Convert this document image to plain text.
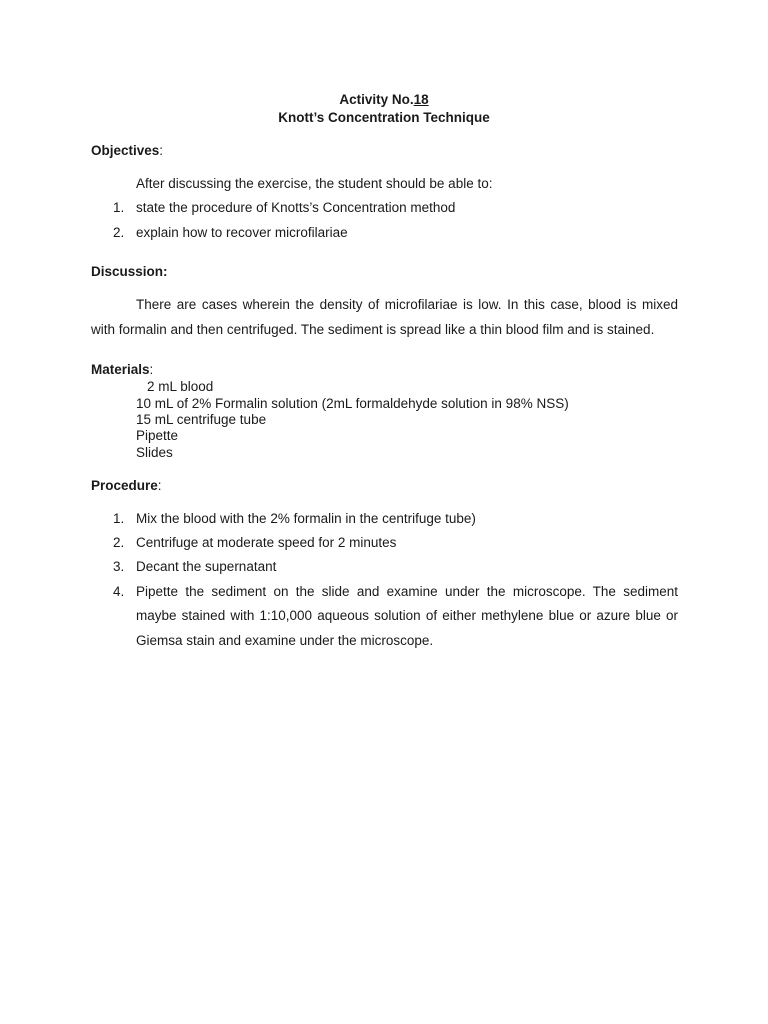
Activity No.18
Knott’s Concentration Technique
Objectives:
After discussing the exercise, the student should be able to:
1. state the procedure of Knotts’s Concentration method
2. explain how to recover microfilariae
Discussion:
There are cases wherein the density of microfilariae is low. In this case, blood is mixed
with formalin and then centrifuged. The sediment is spread like a thin blood film and is stained.
Materials:
2 mL blood
10 mL of 2% Formalin solution (2mL formaldehyde solution in 98% NSS)
15 mL centrifuge tube
Pipette
Slides
Procedure:
1. Mix the blood with the 2% formalin in the centrifuge tube)
2. Centrifuge at moderate speed for 2 minutes
3. Decant the supernatant
4. Pipette the sediment on the slide and examine under the microscope. The sediment
maybe stained with 1:10,000 aqueous solution of either methylene blue or azure blue or
Giemsa stain and examine under the microscope.
